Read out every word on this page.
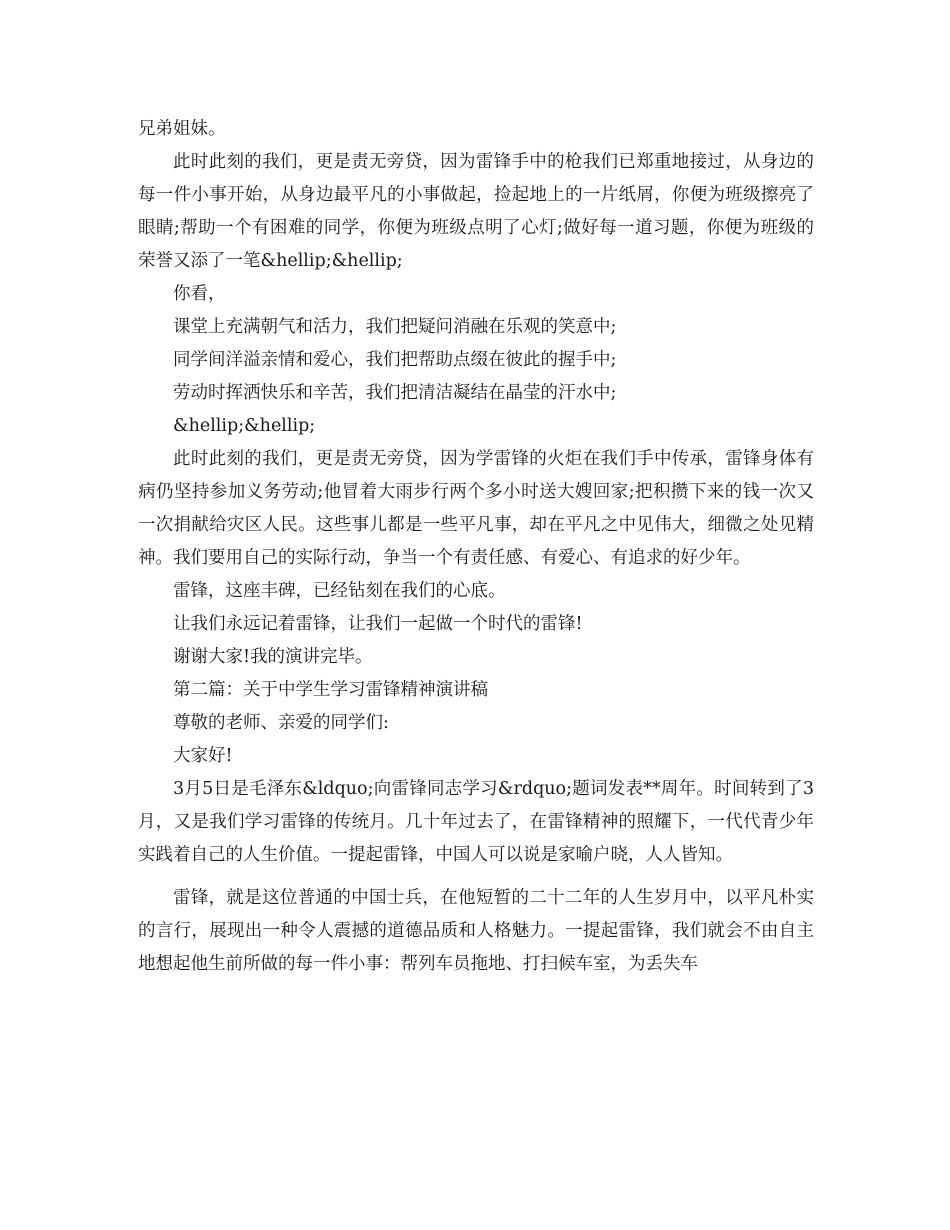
兄弟姐妹。

此时此刻的我们，更是责无旁贷，因为雷锋手中的枪我们已郑重地接过，从身边的每一件小事开始，从身边最平凡的小事做起，捡起地上的一片纸屑，你便为班级擦亮了眼睛;帮助一个有困难的同学，你便为班级点明了心灯;做好每一道习题，你便为班级的荣誉又添了一笔&hellip;&hellip;

你看，

课堂上充满朝气和活力，我们把疑问消融在乐观的笑意中;

同学间洋溢亲情和爱心，我们把帮助点缀在彼此的握手中;

劳动时挥洒快乐和辛苦，我们把清洁凝结在晶莹的汗水中;

&hellip;&hellip;

此时此刻的我们，更是责无旁贷，因为学雷锋的火炬在我们手中传承，雷锋身体有病仍坚持参加义务劳动;他冒着大雨步行两个多小时送大嫂回家;把积攒下来的钱一次又一次捐献给灾区人民。这些事儿都是一些平凡事，却在平凡之中见伟大，细微之处见精神。我们要用自己的实际行动，争当一个有责任感、有爱心、有追求的好少年。

雷锋，这座丰碑，已经钻刻在我们的心底。

让我们永远记着雷锋，让我们一起做一个时代的雷锋!

谢谢大家!我的演讲完毕。

第二篇：关于中学生学习雷锋精神演讲稿

尊敬的老师、亲爱的同学们:

大家好!

3月5日是毛泽东&ldquo;向雷锋同志学习&rdquo;题词发表**周年。时间转到了3月，又是我们学习雷锋的传统月。几十年过去了，在雷锋精神的照耀下，一代代青少年实践着自己的人生价值。一提起雷锋，中国人可以说是家喻户晓，人人皆知。

雷锋，就是这位普通的中国士兵，在他短暂的二十二年的人生岁月中，以平凡朴实的言行，展现出一种令人震撼的道德品质和人格魅力。一提起雷锋，我们就会不由自主地想起他生前所做的每一件小事：帮列车员拖地、打扫候车室，为丢失车
